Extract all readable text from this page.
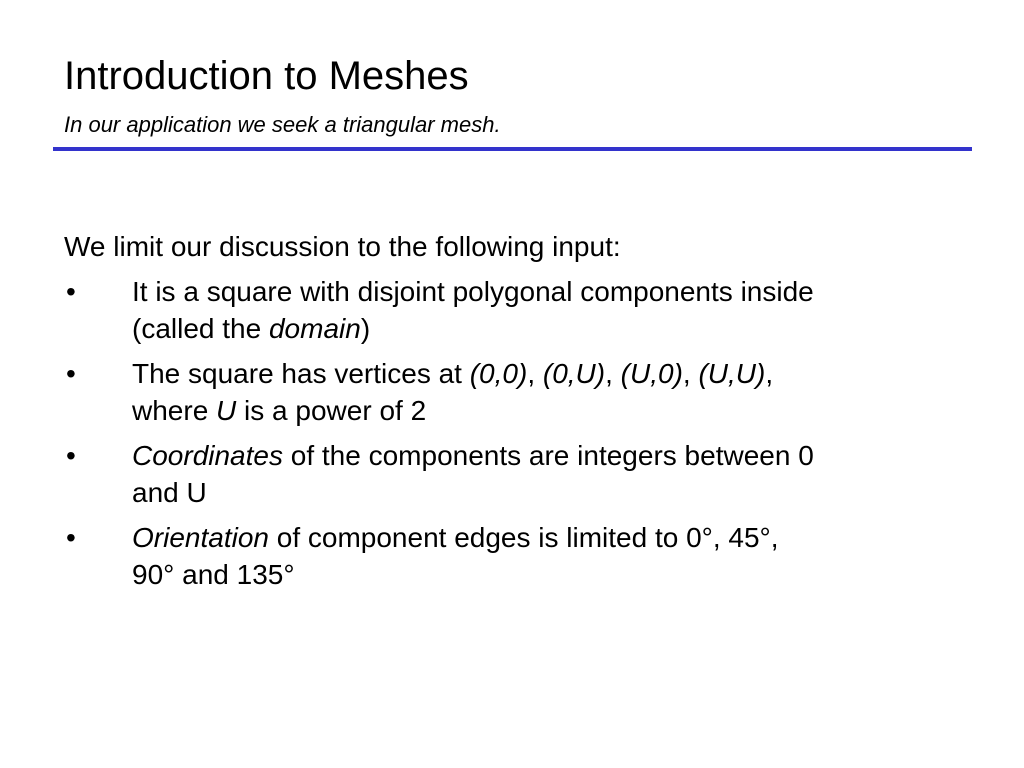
Introduction to Meshes
In our application we seek a triangular mesh.
We limit our discussion to the following input:
• It is a square with disjoint polygonal components inside
(called the domain)
• The square has vertices at (0,0), (0,U), (U,0), (U,U),
where U is a power of 2
• Coordinates of the components are integers between 0
and U
• Orientation of component edges is limited to 0°, 45°,
90° and 135°
